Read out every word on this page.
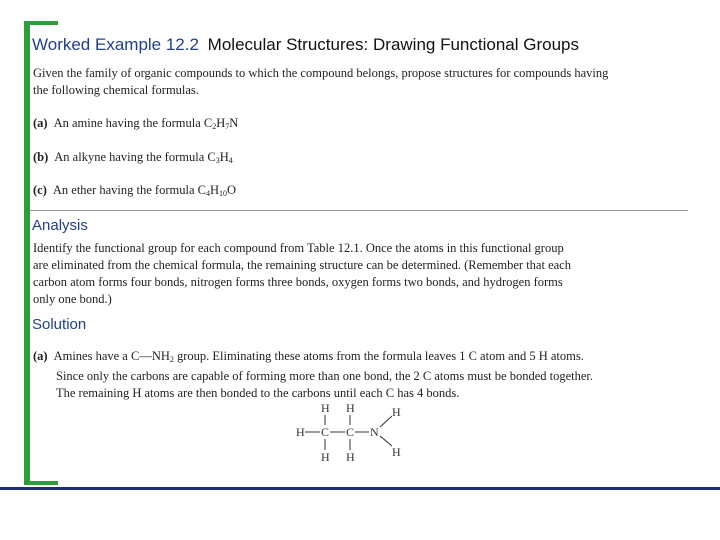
Worked Example 12.2 Molecular Structures: Drawing Functional Groups
Given the family of organic compounds to which the compound belongs, propose structures for compounds having
the following chemical formulas.
(a) An amine having the formula $C_2H_7N$
(b) An alkyne having the formula $C_3H_4$
(c) An ether having the formula $C_4H_{10}O$
Analysis
Identify the functional group for each compound from Table 12.1. Once the atoms in this functional group
are eliminated from the chemical formula, the remaining structure can be determined. (Remember that each
carbon atom forms four bonds, nitrogen forms three bonds, oxygen forms two bonds, and hydrogen forms
only one bond.)
Solution
(a) Amines have a $C—NH_2$ group. Eliminating these atoms from the formula leaves 1 C atom and 5 H atoms.
Since only the carbons are capable of forming more than one bond, the 2 C atoms must be bonded together.
The remaining H atoms are then bonded to the carbons until each C has 4 bonds.
H H
H C C N
H H
H
H
